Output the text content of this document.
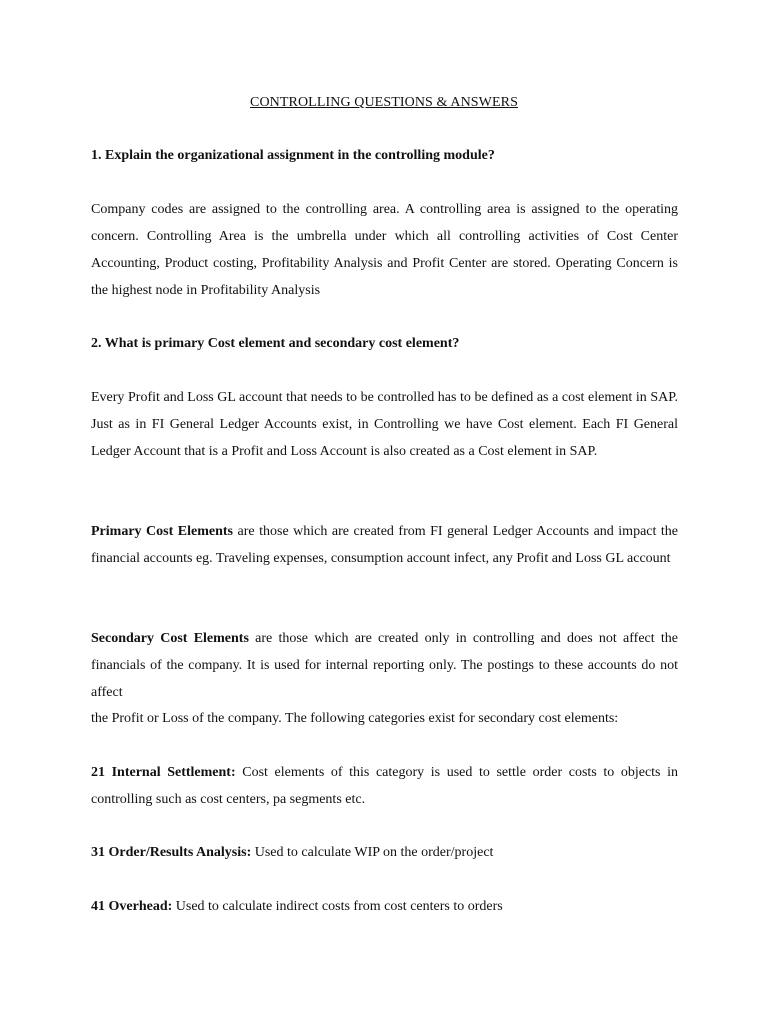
CONTROLLING QUESTIONS & ANSWERS
1. Explain the organizational assignment in the controlling module?
Company codes are assigned to the controlling area. A controlling area is assigned to the operating concern. Controlling Area is the umbrella under which all controlling activities of Cost Center Accounting, Product costing, Profitability Analysis and Profit Center are stored. Operating Concern is the highest node in Profitability Analysis
2. What is primary Cost element and secondary cost element?
Every Profit and Loss GL account that needs to be controlled has to be defined as a cost element in SAP. Just as in FI General Ledger Accounts exist, in Controlling we have Cost element. Each FI General Ledger Account that is a Profit and Loss Account is also created as a Cost element in SAP.
Primary Cost Elements are those which are created from FI general Ledger Accounts and impact the financial accounts eg. Traveling expenses, consumption account infect, any Profit and Loss GL account
Secondary Cost Elements are those which are created only in controlling and does not affect the financials of the company. It is used for internal reporting only. The postings to these accounts do not affect
the Profit or Loss of the company. The following categories exist for secondary cost elements:
21 Internal Settlement: Cost elements of this category is used to settle order costs to objects in controlling such as cost centers, pa segments etc.
31 Order/Results Analysis: Used to calculate WIP on the order/project
41 Overhead: Used to calculate indirect costs from cost centers to orders
